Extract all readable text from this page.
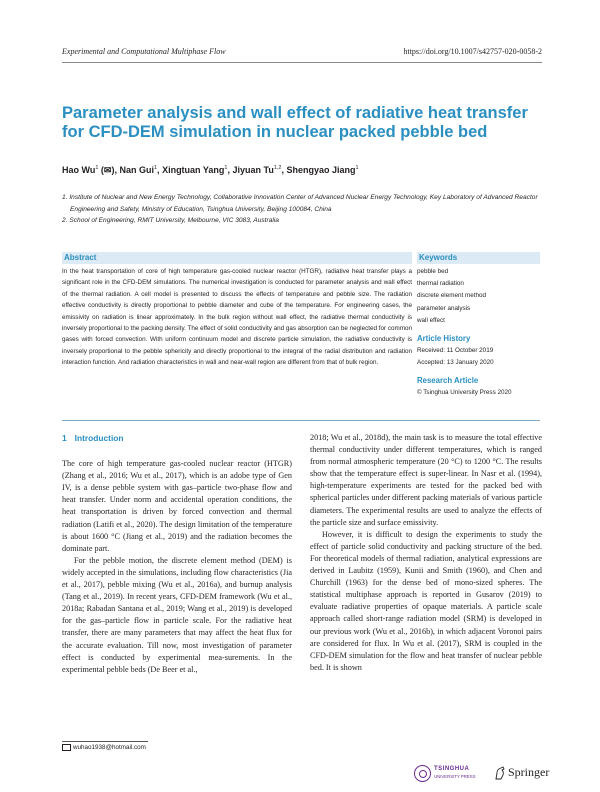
Experimental and Computational Multiphase Flow	https://doi.org/10.1007/s42757-020-0058-2
Parameter analysis and wall effect of radiative heat transfer for CFD-DEM simulation in nuclear packed pebble bed
Hao Wu$^1$ (✉), Nan Gui$^1$, Xingtuan Yang$^1$, Jiyuan Tu$^{1,2}$, Shengyao Jiang$^1$
1. Institute of Nuclear and New Energy Technology, Collaborative Innovation Center of Advanced Nuclear Energy Technology, Key Laboratory of Advanced Reactor Engineering and Safety, Ministry of Education, Tsinghua University, Beijing 100084, China
2. School of Engineering, RMIT University, Melbourne, VIC 3083, Australia
Abstract
In the heat transportation of core of high temperature gas-cooled nuclear reactor (HTGR), radiative heat transfer plays a significant role in the CFD-DEM simulations. The numerical investigation is conducted for parameter analysis and wall effect of the thermal radiation. A cell model is presented to discuss the effects of temperature and pebble size. The radiation effective conductivity is directly proportional to pebble diameter and cube of the temperature. For engineering cases, the emissivity on radiation is linear approximately. In the bulk region without wall effect, the radiative thermal conductivity is inversely proportional to the packing density. The effect of solid conductivity and gas absorption can be neglected for common gases with forced convection. With uniform continuum model and discrete particle simulation, the radiative conductivity is inversely proportional to the pebble sphericity and directly proportional to the integral of the radial distribution and radiation interaction function. And radiation characteristics in wall and near-wall region are different from that of bulk region.
Keywords
pebble bed
thermal radiation
discrete element method
parameter analysis
wall effect
Article History
Received: 11 October 2019
Accepted: 13 January 2020
Research Article
© Tsinghua University Press 2020
1 Introduction

The core of high temperature gas-cooled nuclear reactor (HTGR) (Zhang et al., 2016; Wu et al., 2017), which is an adobe type of Gen IV, is a dense pebble system with gas–particle two-phase flow and heat transfer. Under norm and accidental operation conditions, the heat transportation is driven by forced convection and thermal radiation (Latifi et al., 2020). The design limitation of the temperature is about 1600 °C (Jiang et al., 2019) and the radiation becomes the dominate part.

For the pebble motion, the discrete element method (DEM) is widely accepted in the simulations, including flow characteristics (Jia et al., 2017), pebble mixing (Wu et al., 2016a), and burnup analysis (Tang et al., 2019). In recent years, CFD-DEM framework (Wu et al., 2018a; Rabadan Santana et al., 2019; Wang et al., 2019) is developed for the gas–particle flow in particle scale. For the radiative heat transfer, there are many parameters that may affect the heat flux for the accurate evaluation. Till now, most investigation of parameter effect is conducted by experimental mea-surements. In the experimental pebble beds (De Beer et al.,

2018; Wu et al., 2018d), the main task is to measure the total effective thermal conductivity under different temperatures, which is ranged from normal atmospheric temperature (20 °C) to 1200 °C. The results show that the temperature effect is super-linear. In Nasr et al. (1994), high-temperature experiments are tested for the packed bed with spherical particles under different packing materials of various particle diameters. The experimental results are used to analyze the effects of the particle size and surface emissivity.

However, it is difficult to design the experiments to study the effect of particle solid conductivity and packing structure of the bed. For theoretical models of thermal radiation, analytical expressions are derived in Laubitz (1959), Kunii and Smith (1960), and Chen and Churchill (1963) for the dense bed of mono-sized spheres. The statistical multiphase approach is reported in Gusarov (2019) to evaluate radiative properties of opaque materials. A particle scale approach called short-range radiation model (SRM) is developed in our previous work (Wu et al., 2016b), in which adjacent Voronoi pairs are considered for flux. In Wu et al. (2017), SRM is coupled in the CFD-DEM simulation for the flow and heat transfer of nuclear pebble bed. It is shown

wuhao1938@hotmail.com
TSINGHUA
UNIVERSITY PRESS	Springer
